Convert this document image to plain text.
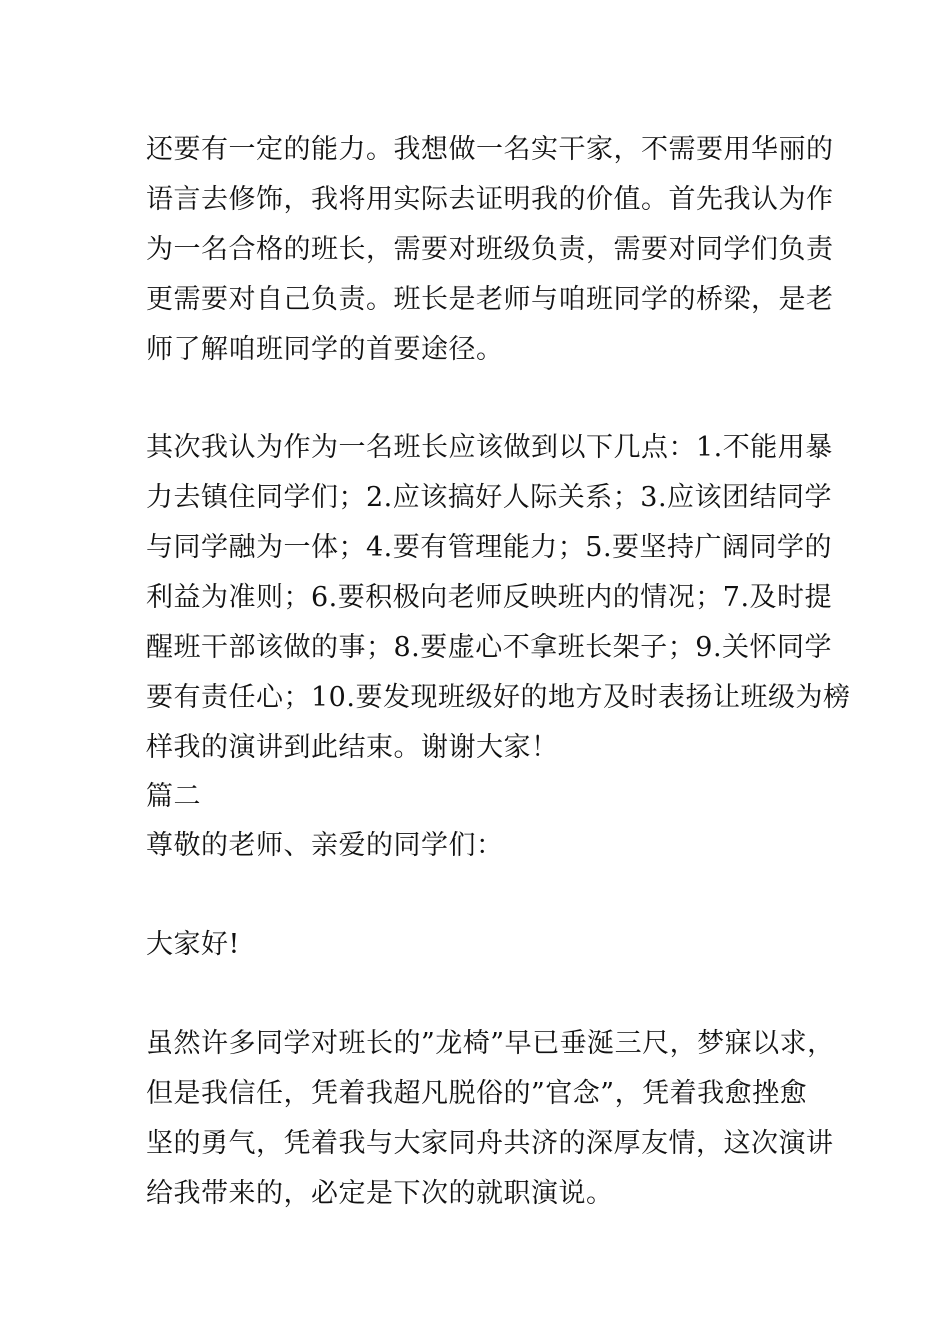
还要有一定的能力。我想做一名实干家，不需要用华丽的
语言去修饰，我将用实际去证明我的价值。首先我认为作
为一名合格的班长，需要对班级负责，需要对同学们负责
更需要对自己负责。班长是老师与咱班同学的桥梁，是老
师了解咱班同学的首要途径。
其次我认为作为一名班长应该做到以下几点：1.不能用暴
力去镇住同学们；2.应该搞好人际关系；3.应该团结同学
与同学融为一体；4.要有管理能力；5.要坚持广阔同学的
利益为准则；6.要积极向老师反映班内的情况；7.及时提
醒班干部该做的事；8.要虚心不拿班长架子；9.关怀同学
要有责任心；10.要发现班级好的地方及时表扬让班级为榜
样我的演讲到此结束。谢谢大家！
篇二
尊敬的老师、亲爱的同学们：
大家好!
虽然许多同学对班长的”龙椅”早已垂涎三尺，梦寐以求，
但是我信任，凭着我超凡脱俗的”官念”，凭着我愈挫愈
坚的勇气，凭着我与大家同舟共济的深厚友情，这次演讲
给我带来的，必定是下次的就职演说。
